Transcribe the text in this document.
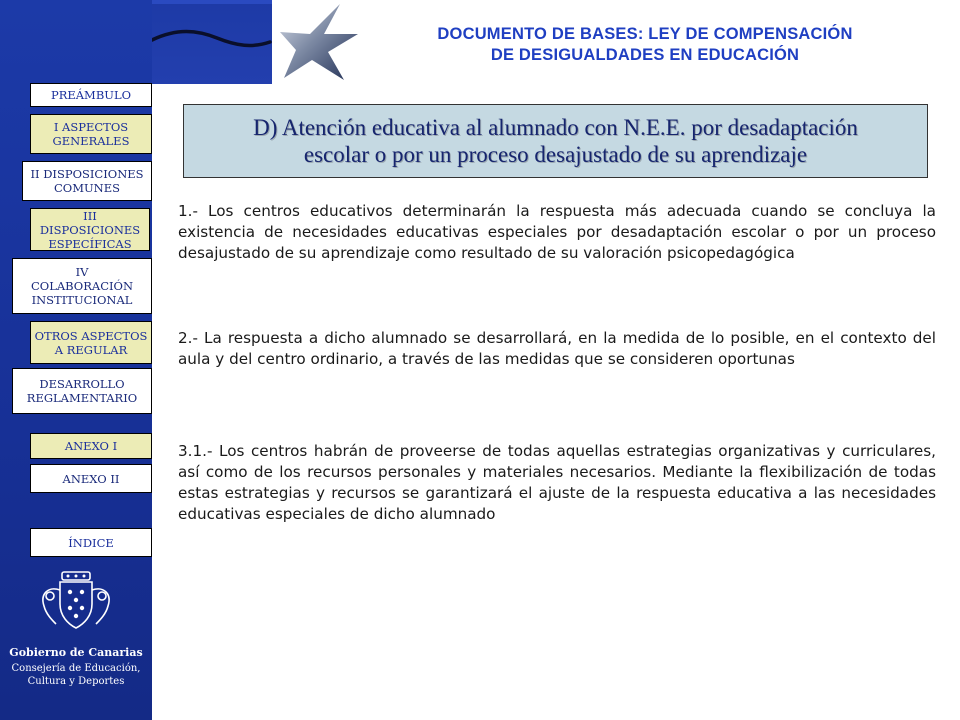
DOCUMENTO DE BASES: LEY DE COMPENSACIÓN
DE DESIGUALDADES EN EDUCACIÓN
PREÁMBULO
I ASPECTOS
GENERALES
II DISPOSICIONES
COMUNES
III DISPOSICIONES
ESPECÍFICAS
IV
COLABORACIÓN
INSTITUCIONAL
OTROS ASPECTOS
A REGULAR
DESARROLLO
REGLAMENTARIO
ANEXO I
ANEXO II
ÍNDICE
Gobierno de Canarias
Consejería de Educación,
Cultura y Deportes
D) Atención educativa al alumnado con N.E.E. por desadaptación
escolar o por un proceso desajustado de su aprendizaje
1.- Los centros educativos determinarán la respuesta más adecuada cuando se concluya la existencia de necesidades educativas especiales por desadaptación escolar o por un proceso desajustado de su aprendizaje como resultado de su valoración psicopedagógica
2.- La respuesta a dicho alumnado se desarrollará, en la medida de lo posible, en el contexto del aula y del centro ordinario, a través de las medidas que se consideren oportunas
3.1.- Los centros habrán de proveerse de todas aquellas estrategias organizativas y curriculares, así como de los recursos personales y materiales necesarios. Mediante la flexibilización de todas estas estrategias y recursos se garantizará el ajuste de la respuesta educativa a las necesidades educativas especiales de dicho alumnado
